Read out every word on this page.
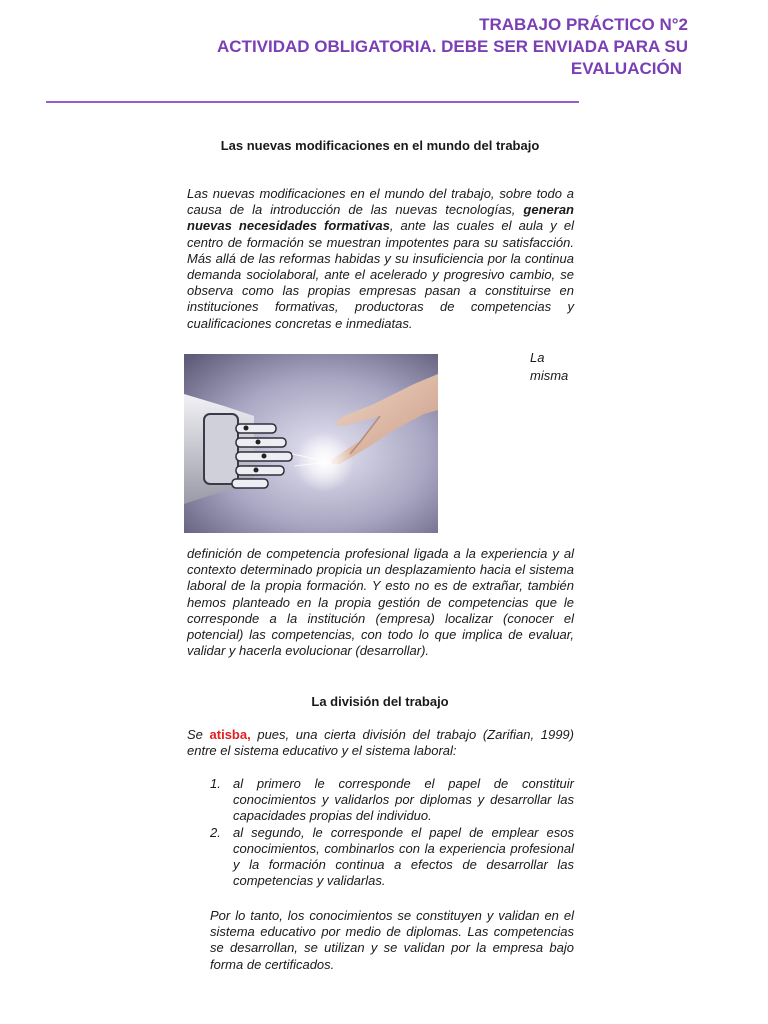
TRABAJO PRÁCTICO N°2
ACTIVIDAD OBLIGATORIA. DEBE SER ENVIADA PARA SU
EVALUACIÓN
Las nuevas modificaciones en el mundo del trabajo
Las nuevas modificaciones en el mundo del trabajo, sobre todo a causa de la introducción de las nuevas tecnologías, generan nuevas necesidades formativas, ante las cuales el aula y el centro de formación se muestran impotentes para su satisfacción. Más allá de las reformas habidas y su insuficiencia por la continua demanda sociolaboral, ante el acelerado y progresivo cambio, se observa como las propias empresas pasan a constituirse en instituciones formativas, productoras de competencias y cualificaciones concretas e inmediatas.
La
misma
definición de competencia profesional ligada a la experiencia y al contexto determinado propicia un desplazamiento hacia el sistema laboral de la propia formación. Y esto no es de extrañar, también hemos planteado en la propia gestión de competencias que le corresponde a la institución (empresa) localizar (conocer el potencial) las competencias, con todo lo que implica de evaluar, validar y hacerla evolucionar (desarrollar).
La división del trabajo
Se atisba, pues, una cierta división del trabajo (Zarifian, 1999) entre el sistema educativo y el sistema laboral:
1. al primero le corresponde el papel de constituir conocimientos y validarlos por diplomas y desarrollar las capacidades propias del individuo.
2. al segundo, le corresponde el papel de emplear esos conocimientos, combinarlos con la experiencia profesional y la formación continua a efectos de desarrollar las competencias y validarlas.
Por lo tanto, los conocimientos se constituyen y validan en el sistema educativo por medio de diplomas. Las competencias se desarrollan, se utilizan y se validan por la empresa bajo forma de certificados.
